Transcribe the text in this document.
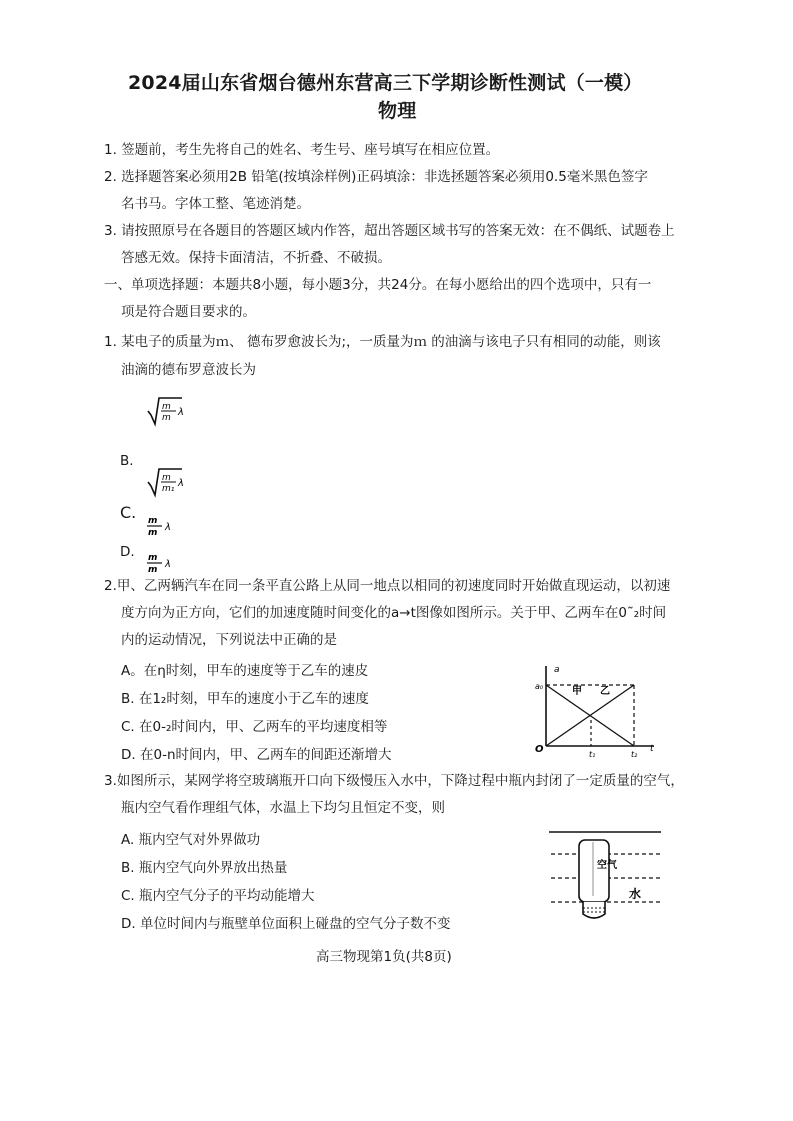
2024届山东省烟台德州东营高三下学期诊断性测试（一模）
物理
1. 签题前，考生先将自己的姓名、考生号、座号填写在相应位置。
2. 选择题答案必须用2B 铅笔(按填涂样例)正码填涂：非选拯题答案必须用0.5毫米黑色签字
名书马。字体工整、笔迹消楚。
3. 请按照原号在各题目的答题区域内作答，超出答题区域书写的答案无效：在不偶纸、试题卷上
答感无效。保持卡面清洁，不折叠、不破损。
一、单项选择题：本题共8小题，每小题3分，共24分。在每小愿给出的四个选项中，只有一
项是符合题目要求的。
1. 某电子的质量为ｍ、 德布罗愈波长为;，一质量为ｍ 的油滴与该电子只有相同的动能，则该
油滴的德布罗意波长为
m
m λ
B.
m
m₁ λ
C. m
m λ
D. m
m λ
2.甲、乙两辆汽车在同一条平直公路上从同一地点以相同的初速度同时开始做直现运动，以初速
度方向为正方向，它们的加速度随时间变化的a→t图像如图所示。关于甲、乙两车在0˜₂时间
内的运动情况，下列说法中正确的是
A。在η时刻，甲车的速度等于乙车的速皮
B. 在1₂时刻，甲车的速度小于乙车的速度
C. 在0-₂时间内，甲、乙两车的平均速度相等
D. 在0-n时间内，甲、乙两车的间距还渐增大
a
a₀
O	t
甲 乙
t₁	t₂
3.如图所示，某网学将空玻璃瓶开口向下级慢压入水中，下降过程中瓶内封闭了一定质量的空气，
瓶内空气看作理组气体，水温上下均匀且恒定不变，则
A. 瓶内空气对外界做功
B. 瓶内空气向外界放出热量
C. 瓶内空气分子的平均动能增大
D. 单位时间内与瓶壁单位面积上碰盘的空气分子数不变
空气
水
高三物现第1负(共8页)
